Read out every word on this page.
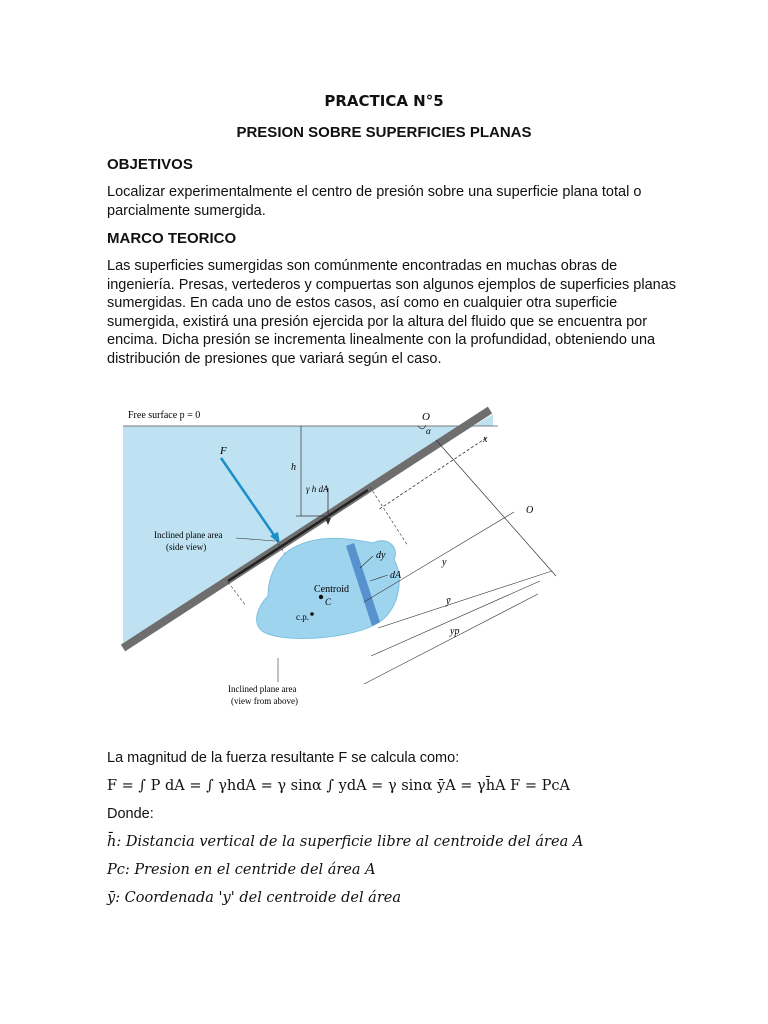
PRACTICA N°5
PRESION SOBRE SUPERFICIES PLANAS
OBJETIVOS
Localizar experimentalmente el centro de presión sobre una superficie plana total o parcialmente sumergida.
MARCO TEORICO
Las superficies sumergidas son comúnmente encontradas en muchas obras de ingeniería. Presas, vertederos y compuertas son algunos ejemplos de superficies planas sumergidas. En cada uno de estos casos, así como en cualquier otra superficie sumergida, existirá una presión ejercida por la altura del fluido que se encuentra por encima. Dicha presión se incrementa linealmente con la profundidad, obteniendo una distribución de presiones que variará según el caso.
Free surface p = 0	O
α
x
F
h
γ h dA
Inclined plane area
(side view)
dy
dA
Centroid
C
c.p.
O
y
ȳ
yp
Inclined plane area
(view from above)
La magnitud de la fuerza resultante F se calcula como:
F = ∫ P dA = ∫ γhdA = γ sinα ∫ ydA = γ sinα ȳA = γh̄A F = PcA
Donde:
h̄: Distancia vertical de la superficie libre al centroide del área A
Pc: Presion en el centride del área A
ȳ: Coordenada 'y' del centroide del área
